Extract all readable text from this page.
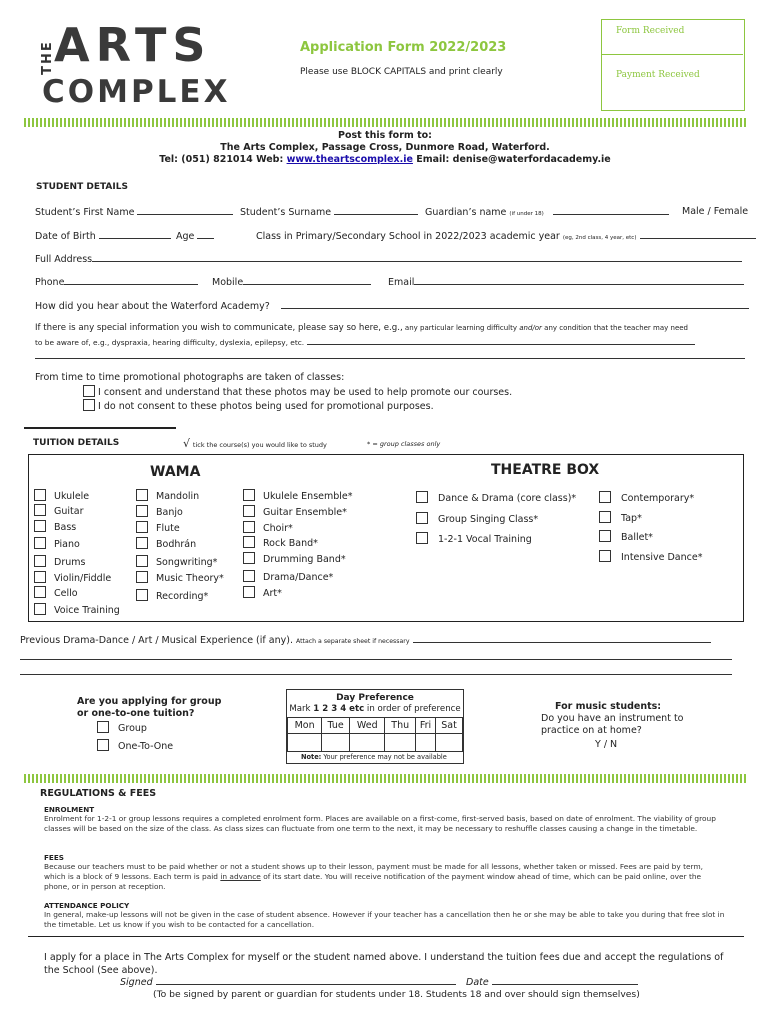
THE ARTS
COMPLEX
Application Form 2022/2023
Please use BLOCK CAPITALS and print clearly
Form Received
Payment Received
Post this form to:
The Arts Complex, Passage Cross, Dunmore Road, Waterford.
Tel: (051) 821014 Web: www.theartscomplex.ie Email: denise@waterfordacademy.ie
STUDENT DETAILS
Student’s First Name	Student’s Surname	Guardian’s name (if under 18)	Male / Female
Date of Birth	Age	Class in Primary/Secondary School in 2022/2023 academic year (eg, 2nd class, 4 year, etc)
Full Address
Phone	Mobile	Email
How did you hear about the Waterford Academy?
If there is any special information you wish to communicate, please say so here, e.g., any particular learning difficulty and/or any condition that the teacher may need
to be aware of, e.g., dyspraxia, hearing difficulty, dyslexia, epilepsy, etc.
From time to time promotional photographs are taken of classes:
I consent and understand that these photos may be used to help promote our courses.
I do not consent to these photos being used for promotional purposes.
TUITION DETAILS	√ tick the course(s) you would like to study	* = group classes only
WAMA	THEATRE BOX
Ukulele
Guitar
Bass
Piano
Drums
Violin/Fiddle
Cello
Voice Training
Mandolin
Banjo
Flute
Bodhrán
Songwriting*
Music Theory*
Recording*
Ukulele Ensemble*
Guitar Ensemble*
Choir*
Rock Band*
Drumming Band*
Drama/Dance*
Art*
Dance & Drama (core class)*
Group Singing Class*
1-2-1 Vocal Training
Contemporary*
Tap*
Ballet*
Intensive Dance*
Previous Drama-Dance / Art / Musical Experience (if any). Attach a separate sheet if necessary
Are you applying for group
or one-to-one tuition?
Group
One-To-One
Day Preference
Mark 1 2 3 4 etc in order of preference
Mon	Tue	Wed	Thu	Fri	Sat

Note: Your preference may not be available
For music students:
Do you have an instrument to
practice on at home?
Y / N
REGULATIONS & FEES
ENROLMENT
Enrolment for 1-2-1 or group lessons requires a completed enrolment form. Places are available on a first-come, first-served basis, based on date of enrolment. The viability of group classes will be based on the size of the class. As class sizes can fluctuate from one term to the next, it may be necessary to reshuffle classes causing a change in the timetable.
FEES
Because our teachers must to be paid whether or not a student shows up to their lesson, payment must be made for all lessons, whether taken or missed. Fees are paid by term, which is a block of 9 lessons. Each term is paid in advance of its start date. You will receive notification of the payment window ahead of time, which can be paid online, over the phone, or in person at reception.
ATTENDANCE POLICY
In general, make-up lessons will not be given in the case of student absence. However if your teacher has a cancellation then he or she may be able to take you during that free slot in the timetable. Let us know if you wish to be contacted for a cancellation.
I apply for a place in The Arts Complex for myself or the student named above. I understand the tuition fees due and accept the regulations of the School (See above).
Signed	Date
(To be signed by parent or guardian for students under 18. Students 18 and over should sign themselves)
